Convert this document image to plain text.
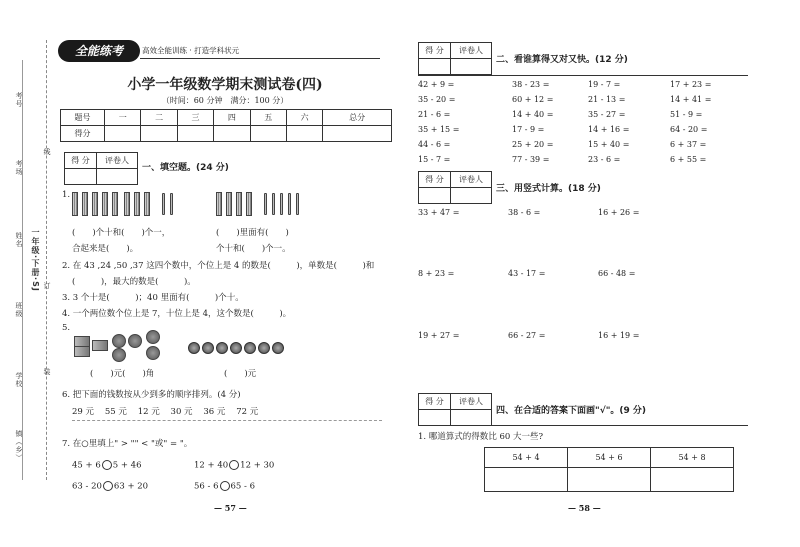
考号
考场
姓名
班级
学校
镇（乡）
一年级·下册·SJ
线
订
装
全能练考	高效全能训练 · 打造学科状元
小学一年级数学期末测试卷(四)
（时间：60 分钟　满分：100 分）
题号	一	二	三	四	五	六	总分
得分							
得 分	评卷人

一、填空题。(24 分)
1.
(　　)个十和(　　)个一，	(　　)里面有(　　)
合起来是(　　)。	个十和(　　)个一。
2. 在 43 ,24 ,50 ,37 这四个数中，个位上是 4 的数是(　　　)，单数是(　　　)和
(　　　)，最大的数是(　　　)。
3. 3 个十是(　　　)；40 里面有(　　　)个十。
4. 一个两位数个位上是 7，十位上是 4，这个数是(　　　)。
5.
(　　)元(　　)角	(　　)元
6. 把下面的钱数按从少到多的顺序排列。(4 分)
29 元 55 元 12 元 30 元 36 元 72 元
7. 在○里填上" > "" < "或" = "。
45 + 6 5 + 46	12 + 40 12 + 30
63 - 20 63 + 20	56 - 6 65 - 6
— 57 —
得 分	评卷人

二、看谁算得又对又快。(12 分)
42 + 9 =	38 - 23 =	19 - 7 =	17 + 23 =
35 - 20 =	60 + 12 =	21 - 13 =	14 + 41 =
21 - 6 =	14 + 40 =	35 - 27 =	51 - 9 =
35 + 15 =	17 - 9 =	14 + 16 =	64 - 20 =
44 - 6 =	25 + 20 =	15 + 40 =	6 + 37 =
15 - 7 =	77 - 39 =	23 - 6 =	6 + 55 =
得 分	评卷人

三、用竖式计算。(18 分)
33 + 47 =	38 - 6 =	16 + 26 =
8 + 23 =	43 - 17 =	66 - 48 =
19 + 27 =	66 - 27 =	16 + 19 =
得 分	评卷人

四、在合适的答案下面画"√"。(9 分)
1. 哪道算式的得数比 60 大一些?
54 + 4	54 + 6	54 + 8

— 58 —
